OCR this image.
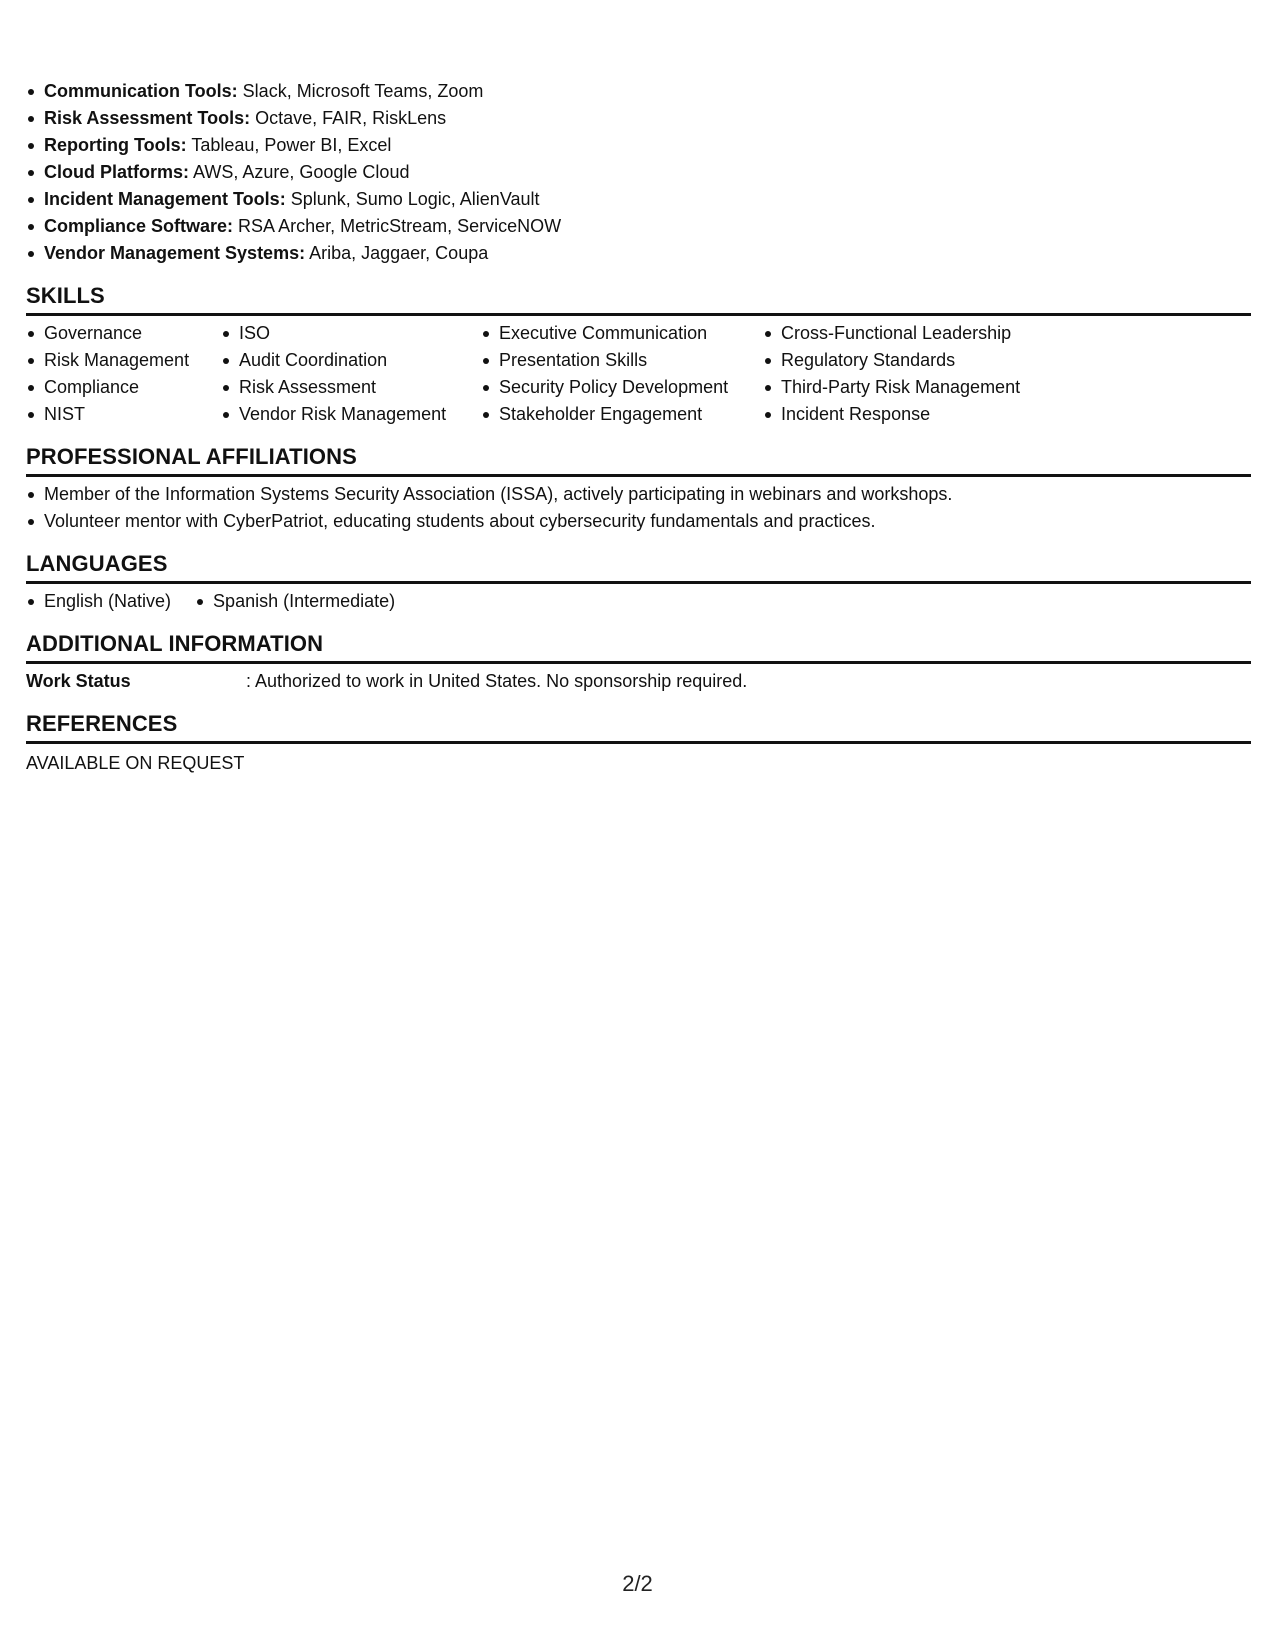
Communication Tools: Slack, Microsoft Teams, Zoom
Risk Assessment Tools: Octave, FAIR, RiskLens
Reporting Tools: Tableau, Power BI, Excel
Cloud Platforms: AWS, Azure, Google Cloud
Incident Management Tools: Splunk, Sumo Logic, AlienVault
Compliance Software: RSA Archer, MetricStream, ServiceNOW
Vendor Management Systems: Ariba, Jaggaer, Coupa
SKILLS
Governance
Risk Management
Compliance
NIST
ISO
Audit Coordination
Risk Assessment
Vendor Risk Management
Executive Communication
Presentation Skills
Security Policy Development
Stakeholder Engagement
Cross-Functional Leadership
Regulatory Standards
Third-Party Risk Management
Incident Response
PROFESSIONAL AFFILIATIONS
Member of the Information Systems Security Association (ISSA), actively participating in webinars and workshops.
Volunteer mentor with CyberPatriot, educating students about cybersecurity fundamentals and practices.
LANGUAGES
English (Native)	Spanish (Intermediate)
ADDITIONAL INFORMATION
Work Status	: Authorized to work in United States. No sponsorship required.
REFERENCES
AVAILABLE ON REQUEST
2/2
